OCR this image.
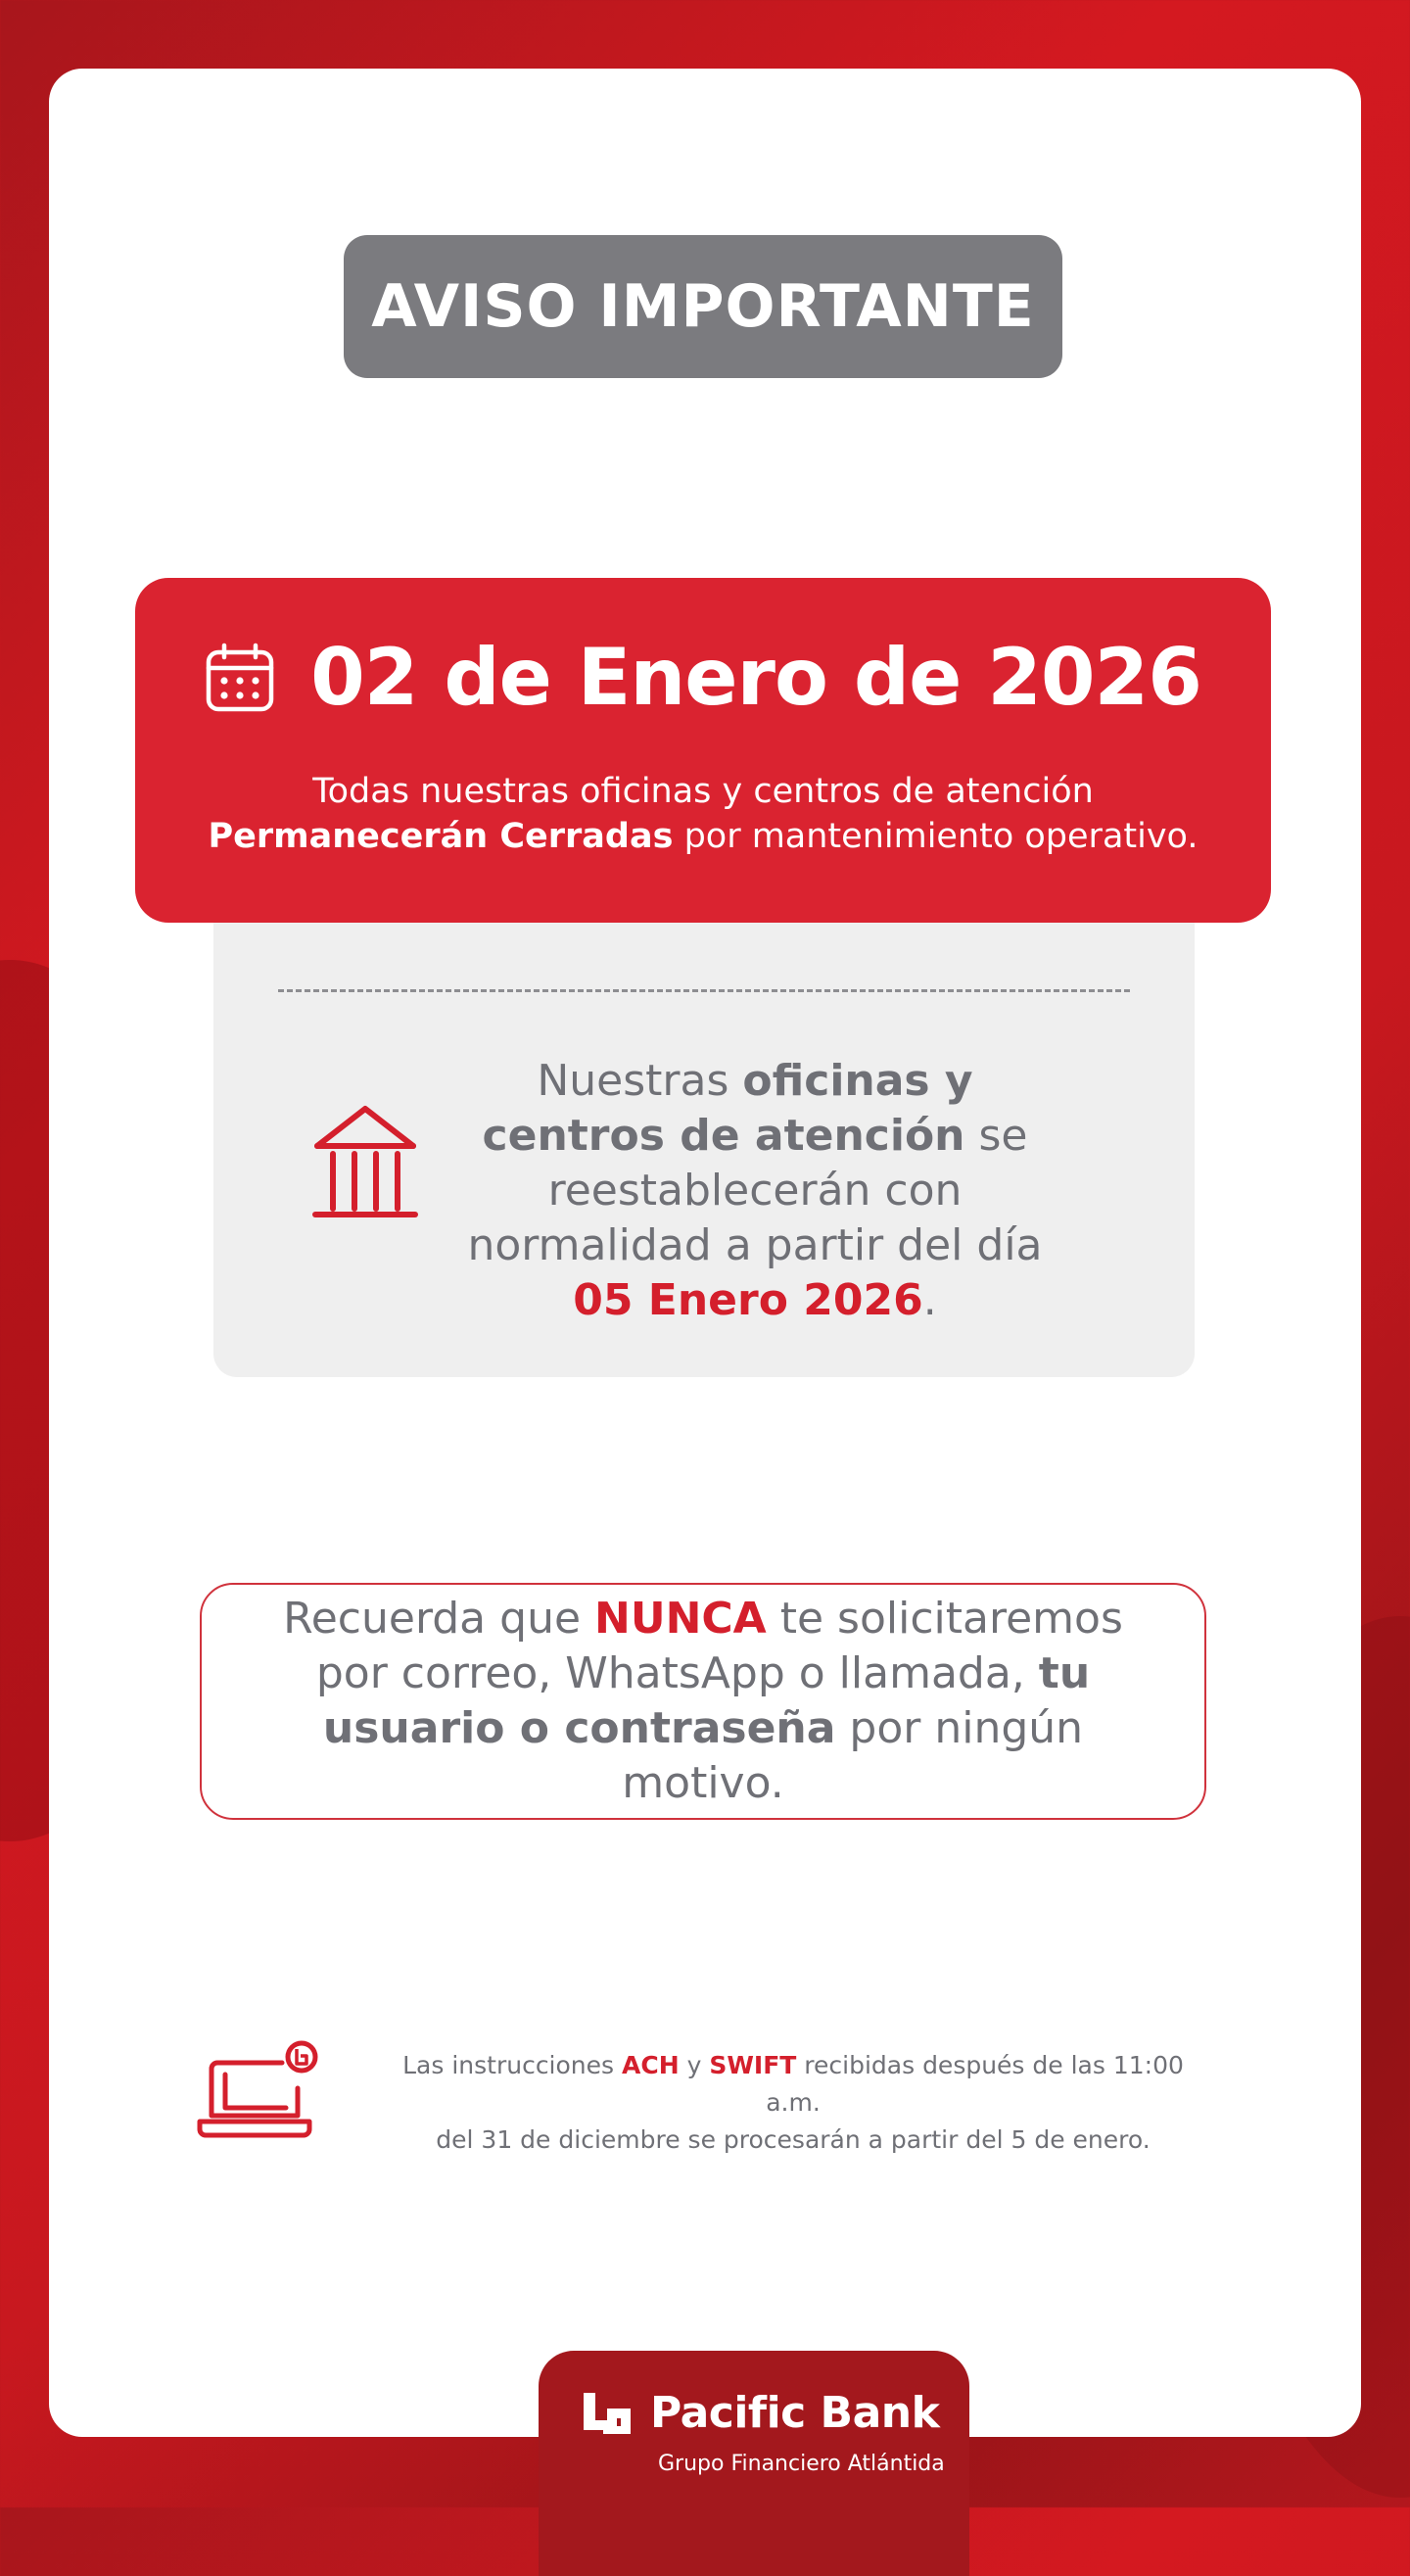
AVISO IMPORTANTE
Nuestras oficinas y centros de atención se reestablecerán con normalidad a partir del día 05 Enero 2026.
02 de Enero de 2026
Todas nuestras oficinas y centros de atención
Permanecerán Cerradas por mantenimiento operativo.
Recuerda que NUNCA te solicitaremos por correo, WhatsApp o llamada, tu usuario o contraseña por ningún motivo.
Las instrucciones ACH y SWIFT recibidas después de las 11:00 a.m.
del 31 de diciembre se procesarán a partir del 5 de enero.
Pacific Bank
Grupo Financiero Atlántida
